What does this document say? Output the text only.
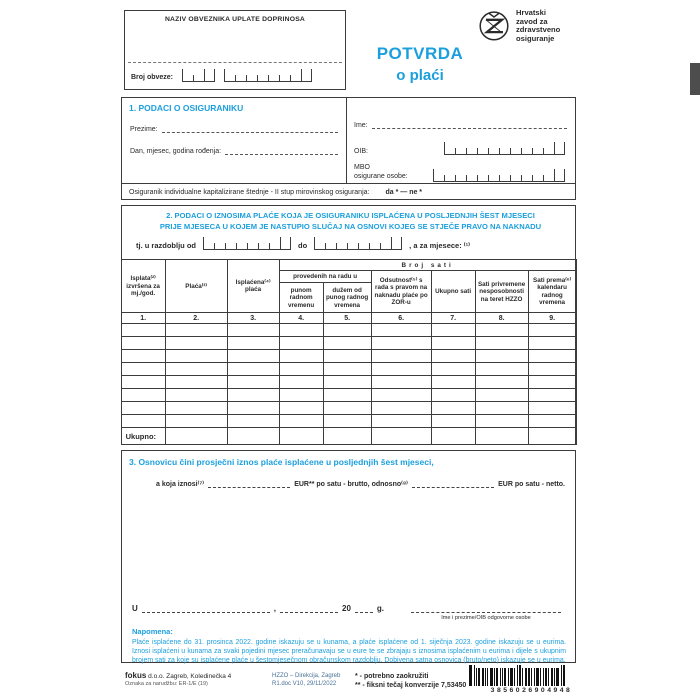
NAZIV OBVEZNIKA UPLATE DOPRINOSA
Broj obveze:
Hrvatski
zavod za
zdravstveno
osiguranje
POTVRDA
o plaći
1. PODACI O OSIGURANIKU
Prezime:
Dan, mjesec, godina rođenja:
Ime:
OIB:
MBO
osigurane osobe:
Osiguranik individualne kapitalizirane štednje - II stup mirovinskog osiguranja: da * — ne *
2. PODACI O IZNOSIMA PLAĆE KOJA JE OSIGURANIKU ISPLAĆENA U POSLJEDNJIH ŠEST MJESECI
PRIJE MJESECA U KOJEM JE NASTUPIO SLUČAJ NA OSNOVI KOJEG SE STJEČE PRAVO NA NAKNADU
tj. u razdoblju od	do	, a za mjesece: ⁽¹⁾
Isplata⁽²⁾ izvršena za mj./god.	Plaća⁽³⁾	Isplaćena⁽⁴⁾ plaća	Broj sati					
			provedenih na radu u		Odsutnost⁽⁵⁾ s rada s pravom na naknadu plaće po ZOR-u	Ukupno sati	Sati privremene nesposobnosti na teret HZZO	Sati prema⁽⁶⁾ kalendaru radnog vremena
			punom radnom vremenu	dužem od punog radnog vremena				
1.	2.	3.	4.	5.	6.	7.	8.	9.

Ukupno:								
3. Osnovicu čini prosječni iznos plaće isplaćene u posljednjih šest mjeseci,
a koja iznosi⁽⁷⁾	EUR** po satu - brutto, odnosno⁽⁸⁾	EUR po satu - netto.
U	,	20	g.
Ime i prezime/OIB odgovorne osobe
Napomena:
Plaće isplaćene do 31. prosinca 2022. godine iskazuju se u kunama, a plaće isplaćene od 1. siječnja 2023. godine iskazuju se u eurima. Iznosi isplaćeni u kunama za svaki pojedini mjesec preračunavaju se u eure te se zbrajaju s iznosima isplaćenim u eurima i dijele s ukupnim brojem sati za koje su isplaćene plaće u šestomjesečnom obračunskom razdoblju. Dobivena satna osnovica (bruto/neto) iskazuje se u eurima.
fokus d.o.o. Zagreb, Koledinečka 4
Oznaka za narudžbu: ER-1/E (19)
HZZO – Direkcija, Zagreb
R1.doc V10, 29/11/2022
* - potrebno zaokružiti
** - fiksni tečaj konverzije 7,53450
3856026904948
